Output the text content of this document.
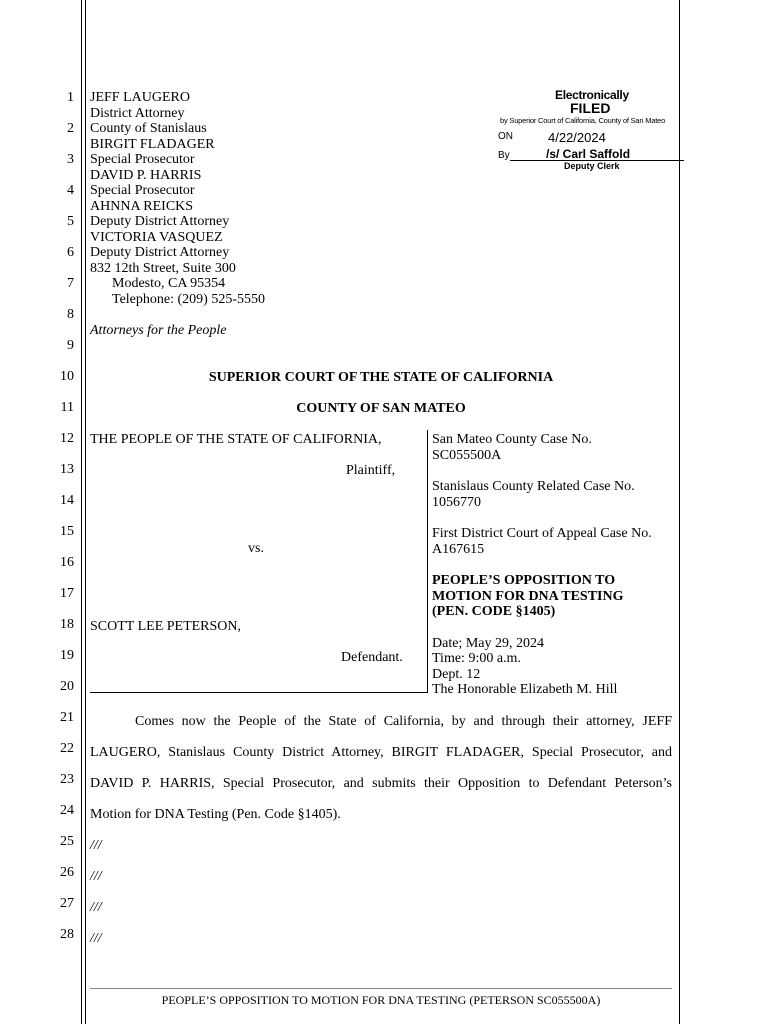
1
2
3
4
5
6
7
8
9
10
11
12
13
14
15
16
17
18
19
20
21
22
23
24
25
26
27
28
JEFF LAUGERO
District Attorney
County of Stanislaus
BIRGIT FLADAGER
Special Prosecutor
DAVID P. HARRIS
Special Prosecutor
AHNNA REICKS
Deputy District Attorney
VICTORIA VASQUEZ
Deputy District Attorney
832 12th Street, Suite 300
Modesto, CA 95354
Telephone: (209) 525-5550
Attorneys for the People
Electronically
FILED
by Superior Court of California, County of San Mateo
ON	4/22/2024
By	/s/ Carl Saffold
Deputy Clerk
SUPERIOR COURT OF THE STATE OF CALIFORNIA
COUNTY OF SAN MATEO
THE PEOPLE OF THE STATE OF CALIFORNIA,
Plaintiff,
vs.
SCOTT LEE PETERSON,
Defendant.
San Mateo County Case No.
SC055500A
Stanislaus County Related Case No.
1056770
First District Court of Appeal Case No.
A167615
PEOPLE’S OPPOSITION TO
MOTION FOR DNA TESTING
(PEN. CODE §1405)
Date; May 29, 2024
Time: 9:00 a.m.
Dept. 12
The Honorable Elizabeth M. Hill
Comes now the People of the State of California, by and through their attorney, JEFF
LAUGERO, Stanislaus County District Attorney, BIRGIT FLADAGER, Special Prosecutor, and
DAVID P. HARRIS, Special Prosecutor, and submits their Opposition to Defendant Peterson’s
Motion for DNA Testing (Pen. Code §1405).
///
///
///
///
PEOPLE’S OPPOSITION TO MOTION FOR DNA TESTING (PETERSON SC055500A)
